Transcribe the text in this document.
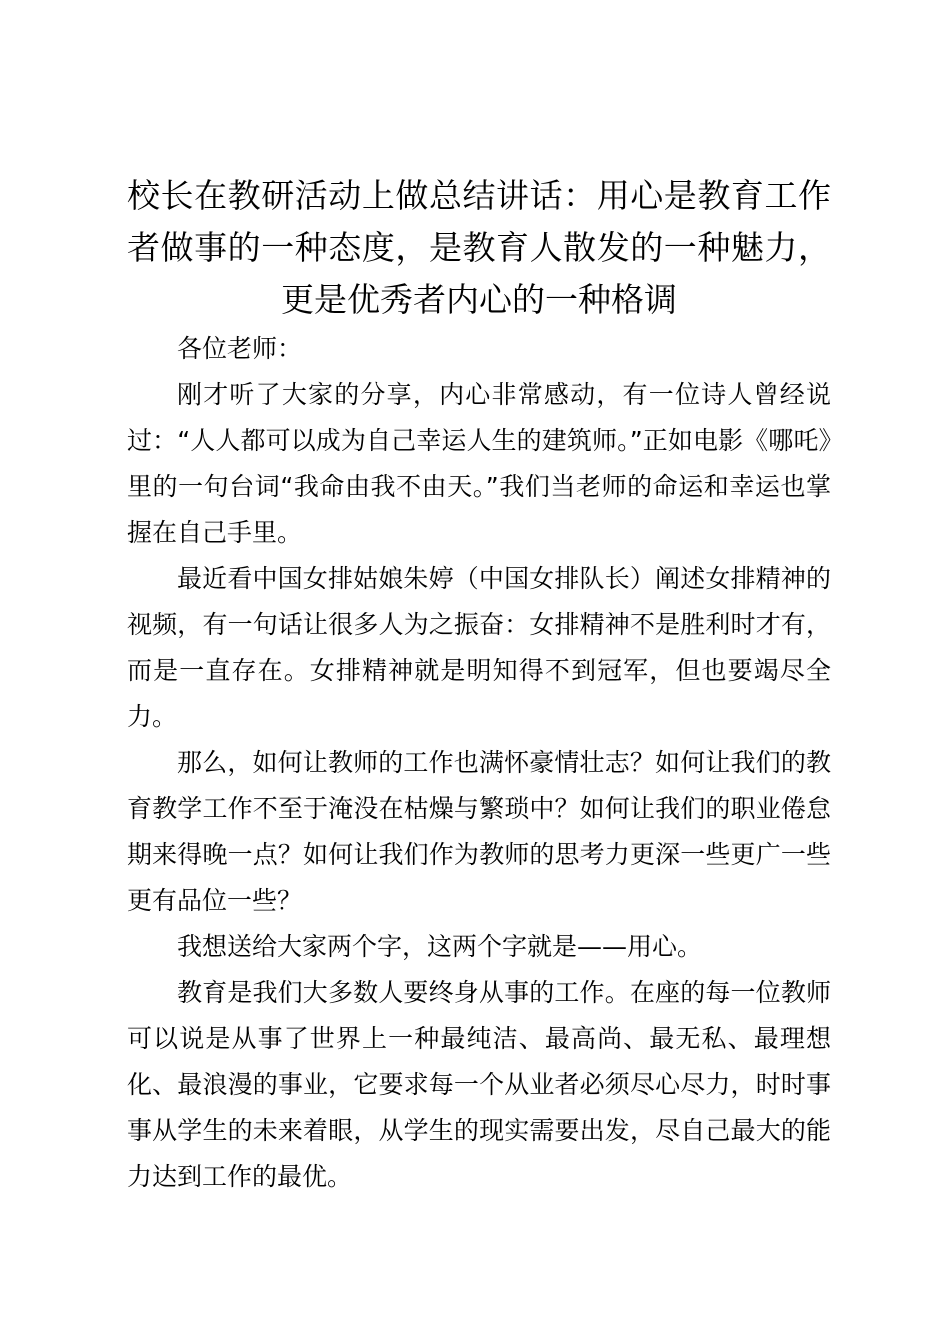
校长在教研活动上做总结讲话：用心是教育工作者做事的一种态度，是教育人散发的一种魅力，更是优秀者内心的一种格调

各位老师：

刚才听了大家的分享，内心非常感动，有一位诗人曾经说过：“人人都可以成为自己幸运人生的建筑师。”正如电影《哪吒》里的一句台词“我命由我不由天。”我们当老师的命运和幸运也掌握在自己手里。

最近看中国女排姑娘朱婷（中国女排队长）阐述女排精神的视频，有一句话让很多人为之振奋：女排精神不是胜利时才有，而是一直存在。女排精神就是明知得不到冠军，但也要竭尽全力。

那么，如何让教师的工作也满怀豪情壮志？如何让我们的教育教学工作不至于淹没在枯燥与繁琐中？如何让我们的职业倦怠期来得晚一点？如何让我们作为教师的思考力更深一些更广一些更有品位一些？

我想送给大家两个字，这两个字就是——用心。

教育是我们大多数人要终身从事的工作。在座的每一位教师可以说是从事了世界上一种最纯洁、最高尚、最无私、最理想化、最浪漫的事业，它要求每一个从业者必须尽心尽力，时时事事从学生的未来着眼，从学生的现实需要出发，尽自己最大的能力达到工作的最优。
